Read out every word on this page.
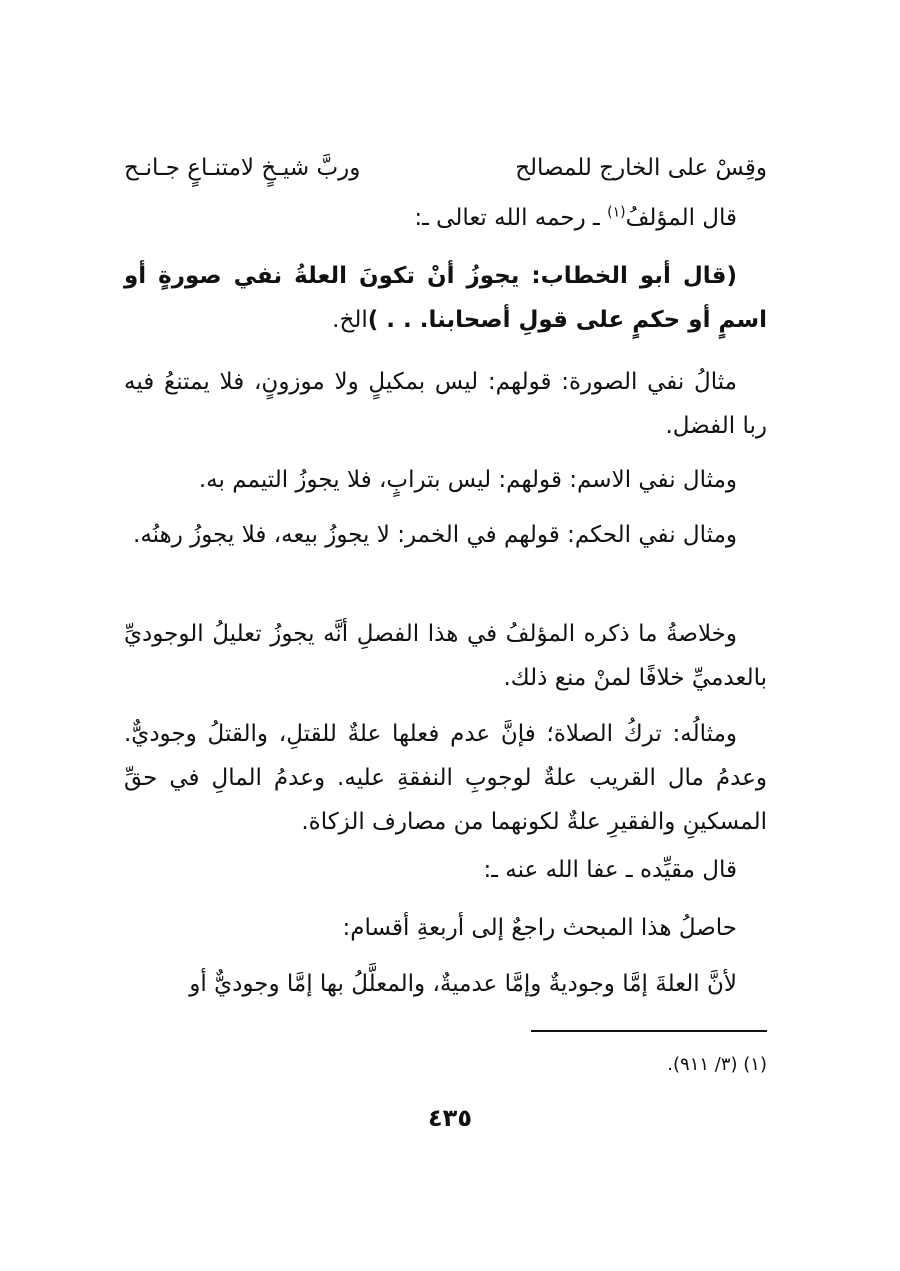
وقِسْ على الخارج للمصالح
وربَّ شيـخٍ لامتنـاعٍ جـانـح
قال المؤلفُ$^{(١)}$ ـ رحمه الله تعالى ـ:
(قال أبو الخطاب: يجوزُ أنْ تكونَ العلةُ نفي صورةٍ أو اسمٍ أو حكمٍ على قولِ أصحابنا. . . )الخ.
مثالُ نفي الصورة: قولهم: ليس بمكيلٍ ولا موزونٍ، فلا يمتنعُ فيه ربا الفضل.
ومثال نفي الاسم: قولهم: ليس بترابٍ، فلا يجوزُ التيمم به.
ومثال نفي الحكم: قولهم في الخمر: لا يجوزُ بيعه، فلا يجوزُ رهنُه.
وخلاصةُ ما ذكره المؤلفُ في هذا الفصلِ أنَّه يجوزُ تعليلُ الوجوديِّ بالعدميِّ خلافًا لمنْ منع ذلك.
ومثالُه: تركُ الصلاة؛ فإنَّ عدم فعلها علةٌ للقتلِ، والقتلُ وجوديٌّ. وعدمُ مال القريب علةٌ لوجوبِ النفقةِ عليه. وعدمُ المالِ في حقِّ المسكينِ والفقيرِ علةٌ لكونهما من مصارف الزكاة.
قال مقيِّده ـ عفا الله عنه ـ:
حاصلُ هذا المبحث راجعٌ إلى أربعةِ أقسام:
لأنَّ العلةَ إمَّا وجوديةٌ وإمَّا عدميةٌ، والمعلَّلُ بها إمَّا وجوديٌّ أو
(١) (٣/ ٩١١).
٤٣٥
